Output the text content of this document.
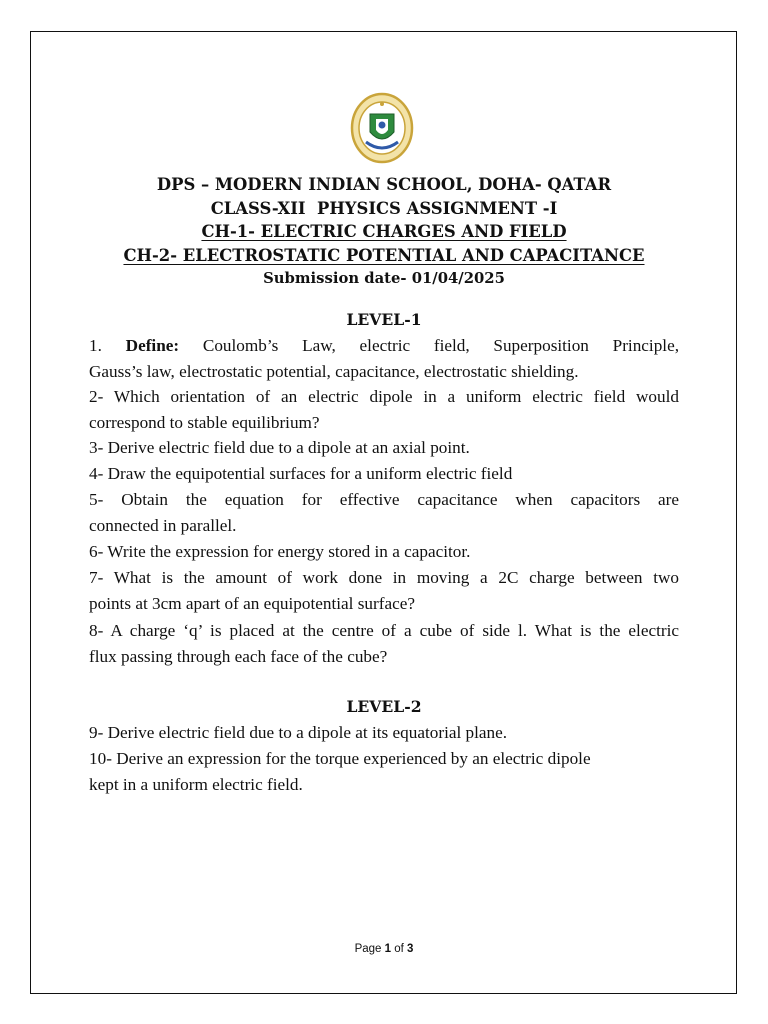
DPS – MODERN INDIAN SCHOOL, DOHA- QATAR
CLASS-XII  PHYSICS ASSIGNMENT -I
CH-1- ELECTRIC CHARGES AND FIELD
CH-2- ELECTROSTATIC POTENTIAL AND CAPACITANCE
Submission date- 01/04/2025
LEVEL-1
1. Define: Coulomb’s Law, electric field, Superposition Principle,
Gauss’s law, electrostatic potential, capacitance, electrostatic shielding.
2- Which orientation of an electric dipole in a uniform electric field would
correspond to stable equilibrium?
3- Derive electric field due to a dipole at an axial point.
4- Draw the equipotential surfaces for a uniform electric field
5- Obtain the equation for effective capacitance when capacitors are
connected in parallel.
6- Write the expression for energy stored in a capacitor.
7- What is the amount of work done in moving a 2C charge between two
points at 3cm apart of an equipotential surface?
8- A charge ‘q’ is placed at the centre of a cube of side l. What is the electric
flux passing through each face of the cube?
LEVEL-2
9- Derive electric field due to a dipole at its equatorial plane.
10- Derive an expression for the torque experienced by an electric dipole
kept in a uniform electric field.
Page 1 of 3
